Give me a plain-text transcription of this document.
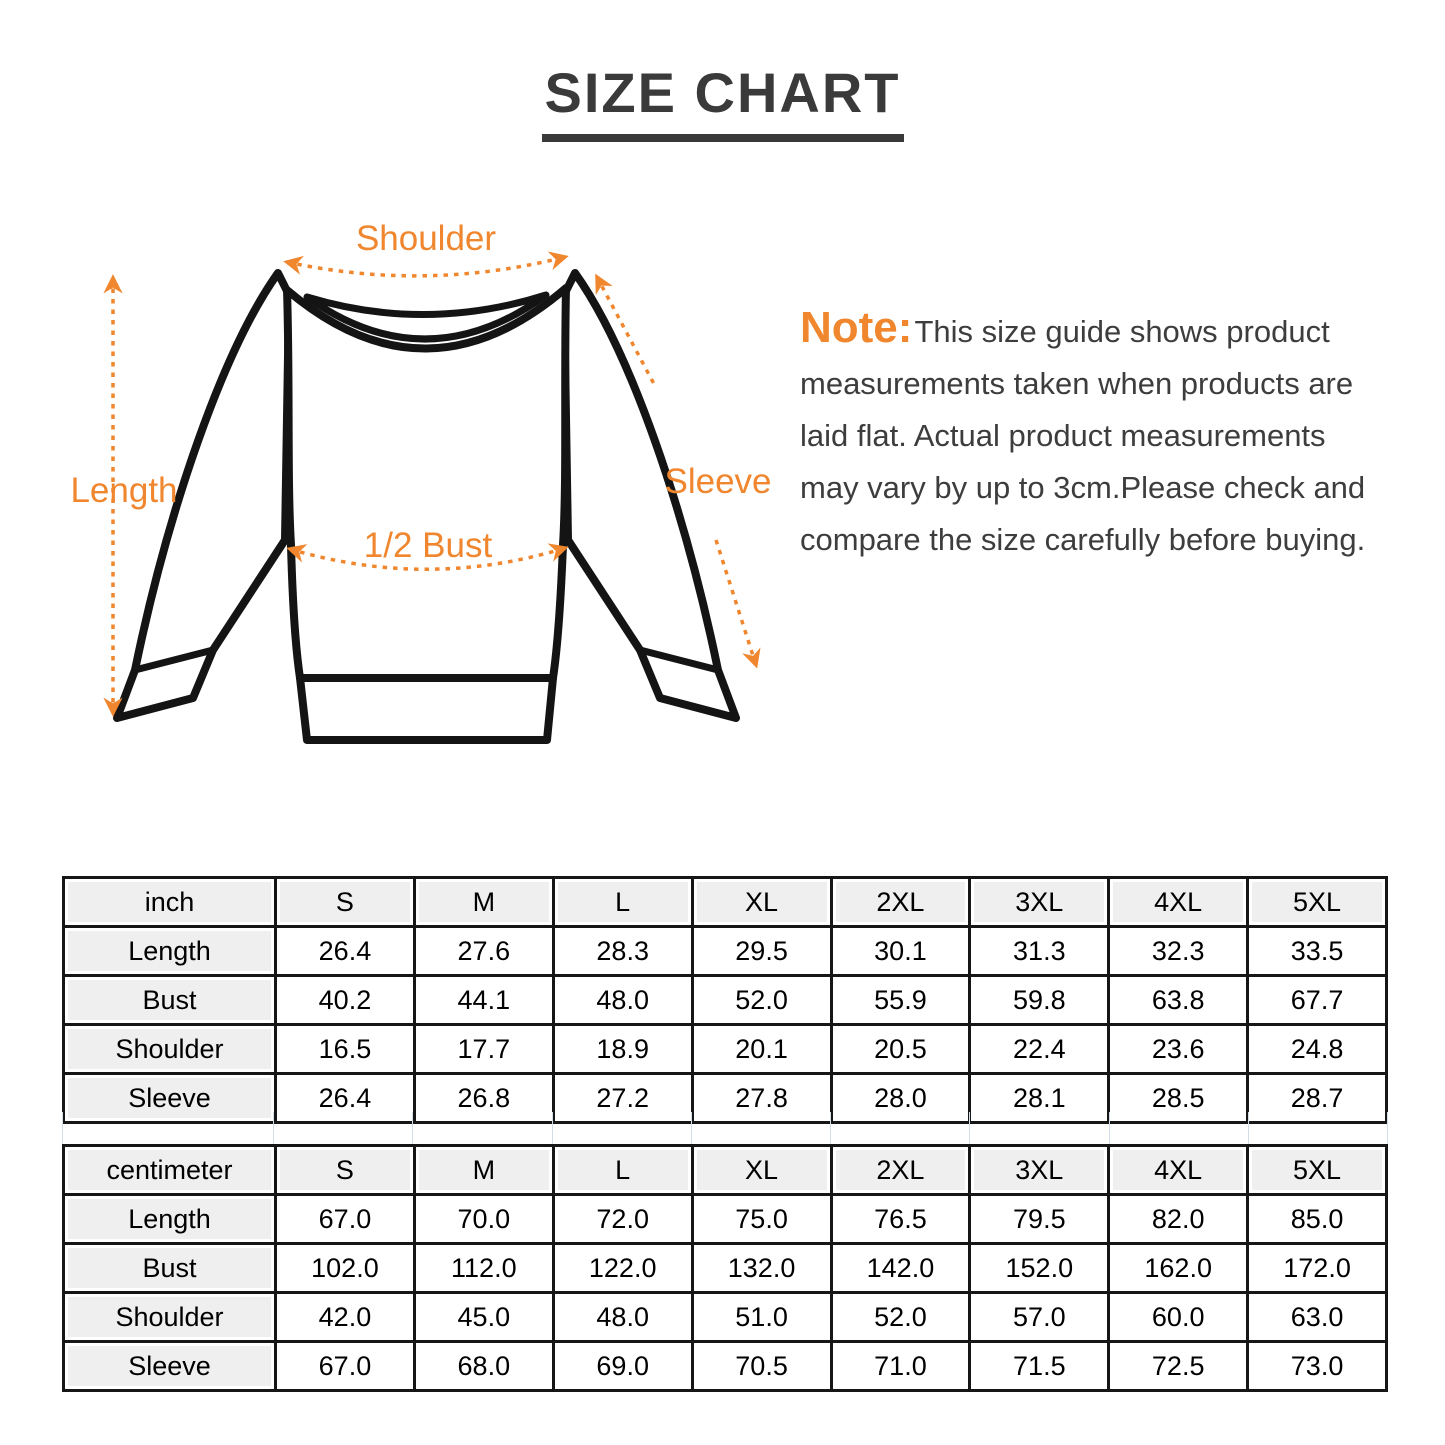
SIZE CHART
Shoulder
Length	Sleeve
1/2 Bust
Note:This size guide shows product
measurements taken when products are
laid flat. Actual product measurements
may vary by up to 3cm.Please check and
compare the size carefully before buying.
inch	S	M	L	XL	2XL	3XL	4XL	5XL
Length	26.4	27.6	28.3	29.5	30.1	31.3	32.3	33.5
Bust	40.2	44.1	48.0	52.0	55.9	59.8	63.8	67.7
Shoulder	16.5	17.7	18.9	20.1	20.5	22.4	23.6	24.8
Sleeve	26.4	26.8	27.2	27.8	28.0	28.1	28.5	28.7
centimeter	S	M	L	XL	2XL	3XL	4XL	5XL
Length	67.0	70.0	72.0	75.0	76.5	79.5	82.0	85.0
Bust	102.0	112.0	122.0	132.0	142.0	152.0	162.0	172.0
Shoulder	42.0	45.0	48.0	51.0	52.0	57.0	60.0	63.0
Sleeve	67.0	68.0	69.0	70.5	71.0	71.5	72.5	73.0
